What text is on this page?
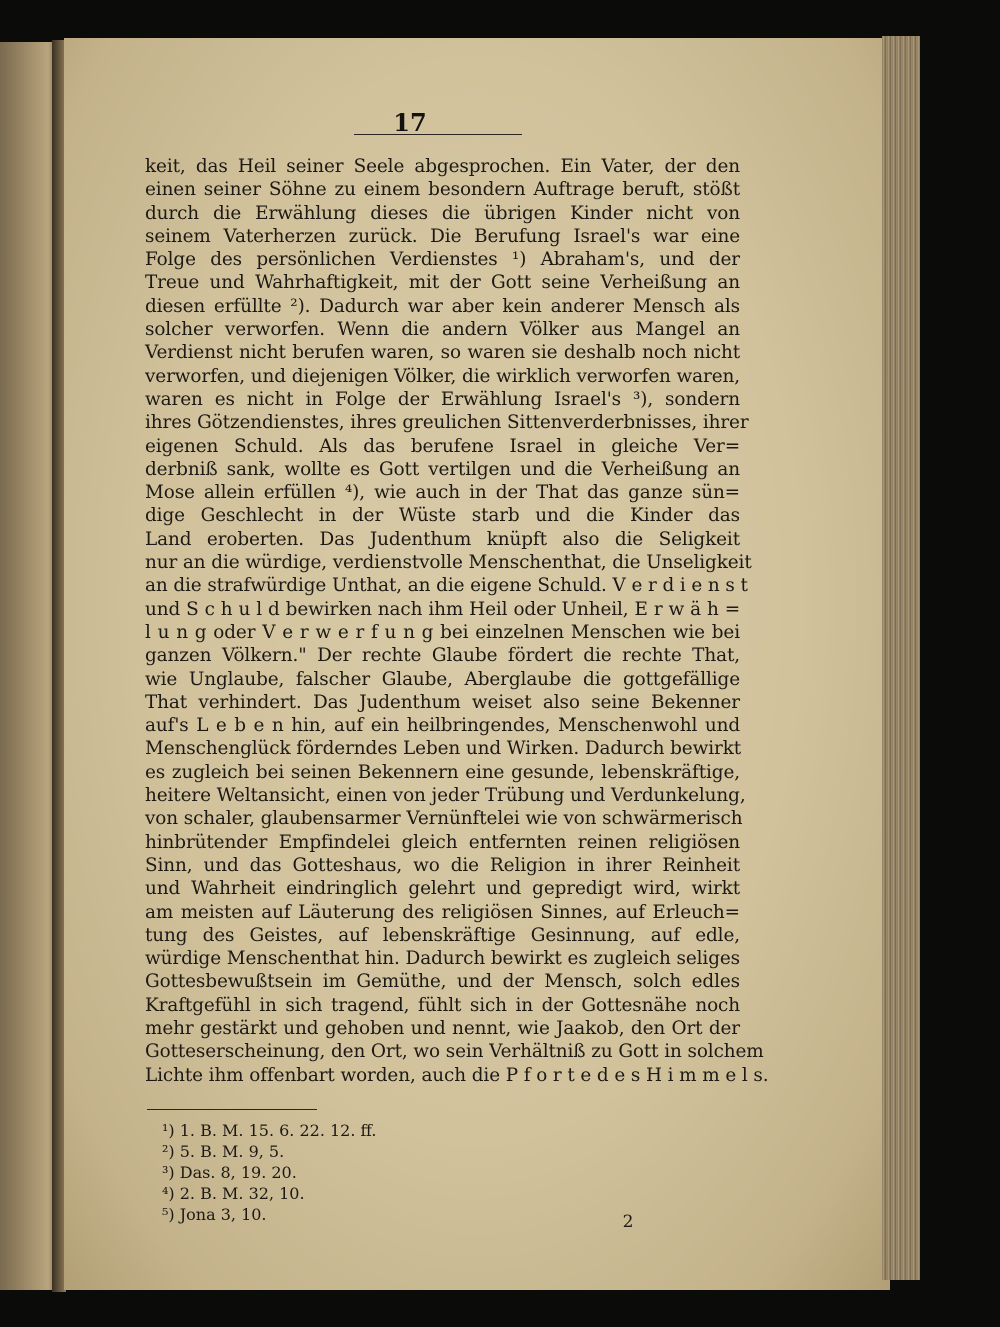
17
keit, das Heil seiner Seele abgesprochen. Ein Vater, der den
einen seiner Söhne zu einem besondern Auftrage beruft, stößt
durch die Erwählung dieses die übrigen Kinder nicht von
seinem Vaterherzen zurück. Die Berufung Israel's war eine
Folge des persönlichen Verdienstes ¹) Abraham's, und der
Treue und Wahrhaftigkeit, mit der Gott seine Verheißung an
diesen erfüllte ²). Dadurch war aber kein anderer Mensch als
solcher verworfen. Wenn die andern Völker aus Mangel an
Verdienst nicht berufen waren, so waren sie deshalb noch nicht
verworfen, und diejenigen Völker, die wirklich verworfen waren,
waren es nicht in Folge der Erwählung Israel's ³), sondern
ihres Götzendienstes, ihres greulichen Sittenverderbnisses, ihrer
eigenen Schuld. Als das berufene Israel in gleiche Ver=
derbniß sank, wollte es Gott vertilgen und die Verheißung an
Mose allein erfüllen ⁴), wie auch in der That das ganze sün=
dige Geschlecht in der Wüste starb und die Kinder das
Land eroberten. Das Judenthum knüpft also die Seligkeit
nur an die würdige, verdienstvolle Menschenthat, die Unseligkeit
an die strafwürdige Unthat, an die eigene Schuld. V e r d i e n s t
und S c h u l d bewirken nach ihm Heil oder Unheil, E r w ä h =
l u n g oder V e r w e r f u n g bei einzelnen Menschen wie bei
ganzen Völkern." Der rechte Glaube fördert die rechte That,
wie Unglaube, falscher Glaube, Aberglaube die gottgefällige
That verhindert. Das Judenthum weiset also seine Bekenner
auf's L e b e n hin, auf ein heilbringendes, Menschenwohl und
Menschenglück förderndes Leben und Wirken. Dadurch bewirkt
es zugleich bei seinen Bekennern eine gesunde, lebenskräftige,
heitere Weltansicht, einen von jeder Trübung und Verdunkelung,
von schaler, glaubensarmer Vernünftelei wie von schwärmerisch
hinbrütender Empfindelei gleich entfernten reinen religiösen
Sinn, und das Gotteshaus, wo die Religion in ihrer Reinheit
und Wahrheit eindringlich gelehrt und gepredigt wird, wirkt
am meisten auf Läuterung des religiösen Sinnes, auf Erleuch=
tung des Geistes, auf lebenskräftige Gesinnung, auf edle,
würdige Menschenthat hin. Dadurch bewirkt es zugleich seliges
Gottesbewußtsein im Gemüthe, und der Mensch, solch edles
Kraftgefühl in sich tragend, fühlt sich in der Gottesnähe noch
mehr gestärkt und gehoben und nennt, wie Jaakob, den Ort der
Gotteserscheinung, den Ort, wo sein Verhältniß zu Gott in solchem
Lichte ihm offenbart worden, auch die P f o r t e d e s H i m m e l s.
¹) 1. B. M. 15. 6. 22. 12. ff.
²) 5. B. M. 9, 5.
³) Das. 8, 19. 20.
⁴) 2. B. M. 32, 10.
⁵) Jona 3, 10.	2
